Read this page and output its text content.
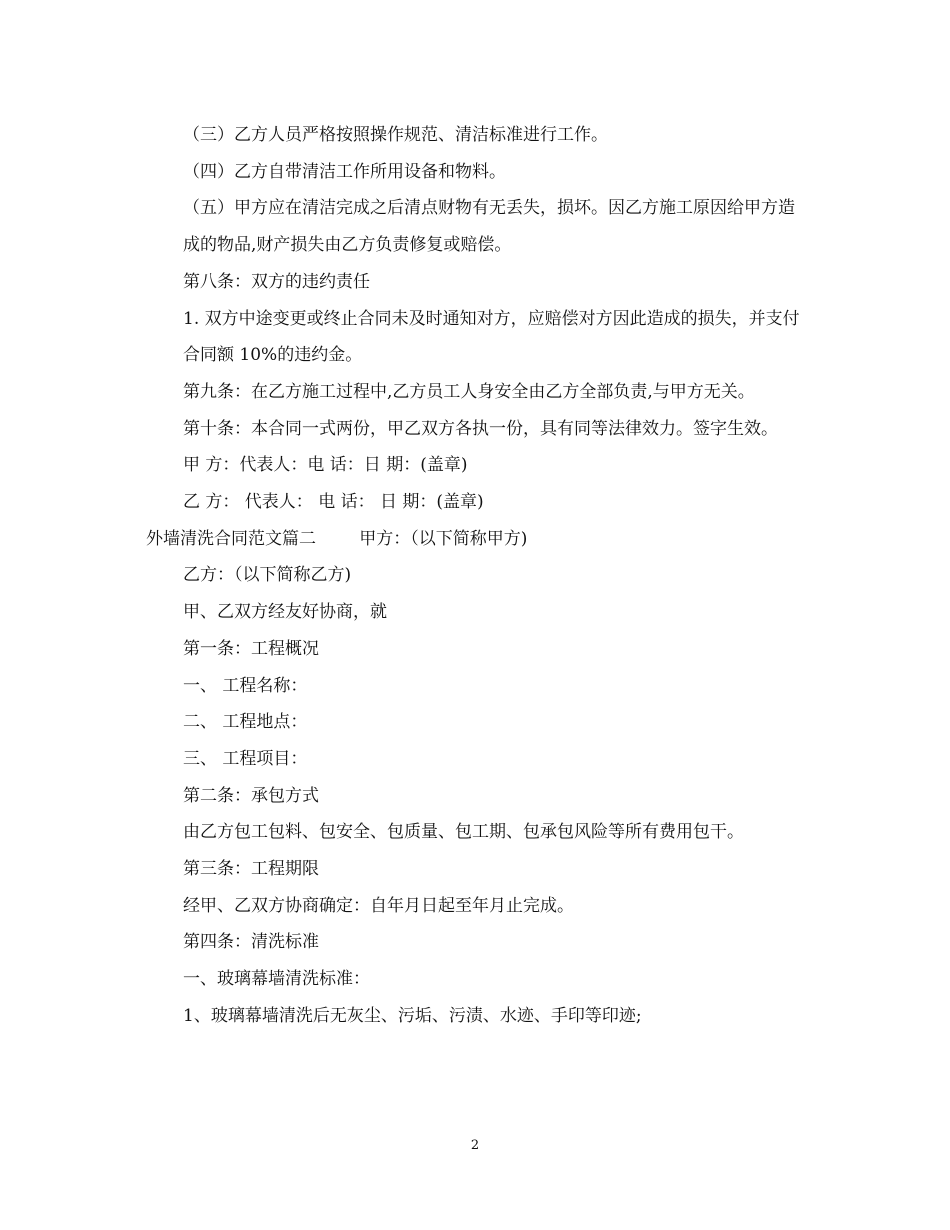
（三）乙方人员严格按照操作规范、清洁标准进行工作。

（四）乙方自带清洁工作所用设备和物料。

（五）甲方应在清洁完成之后清点财物有无丢失，损坏。因乙方施工原因给甲方造成的物品,财产损失由乙方负责修复或赔偿。

第八条：双方的违约责任

1. 双方中途变更或终止合同未及时通知对方，应赔偿对方因此造成的损失，并支付合同额 10%的违约金。

第九条：在乙方施工过程中,乙方员工人身安全由乙方全部负责,与甲方无关。

第十条：本合同一式两份，甲乙双方各执一份，具有同等法律效力。签字生效。

甲 方：代表人：电 话：日 期：(盖章)

乙 方： 代表人： 电 话： 日 期：(盖章)

外墙清洗合同范文篇二        甲方：（以下简称甲方)

乙方：（以下简称乙方)

甲、乙双方经友好协商，就

第一条：工程概况

一、 工程名称：

二、 工程地点：

三、 工程项目：

第二条：承包方式

由乙方包工包料、包安全、包质量、包工期、包承包风险等所有费用包干。

第三条：工程期限

经甲、乙双方协商确定：自年月日起至年月止完成。

第四条：清洗标准

一、玻璃幕墙清洗标准：

1、玻璃幕墙清洗后无灰尘、污垢、污渍、水迹、手印等印迹;

2
